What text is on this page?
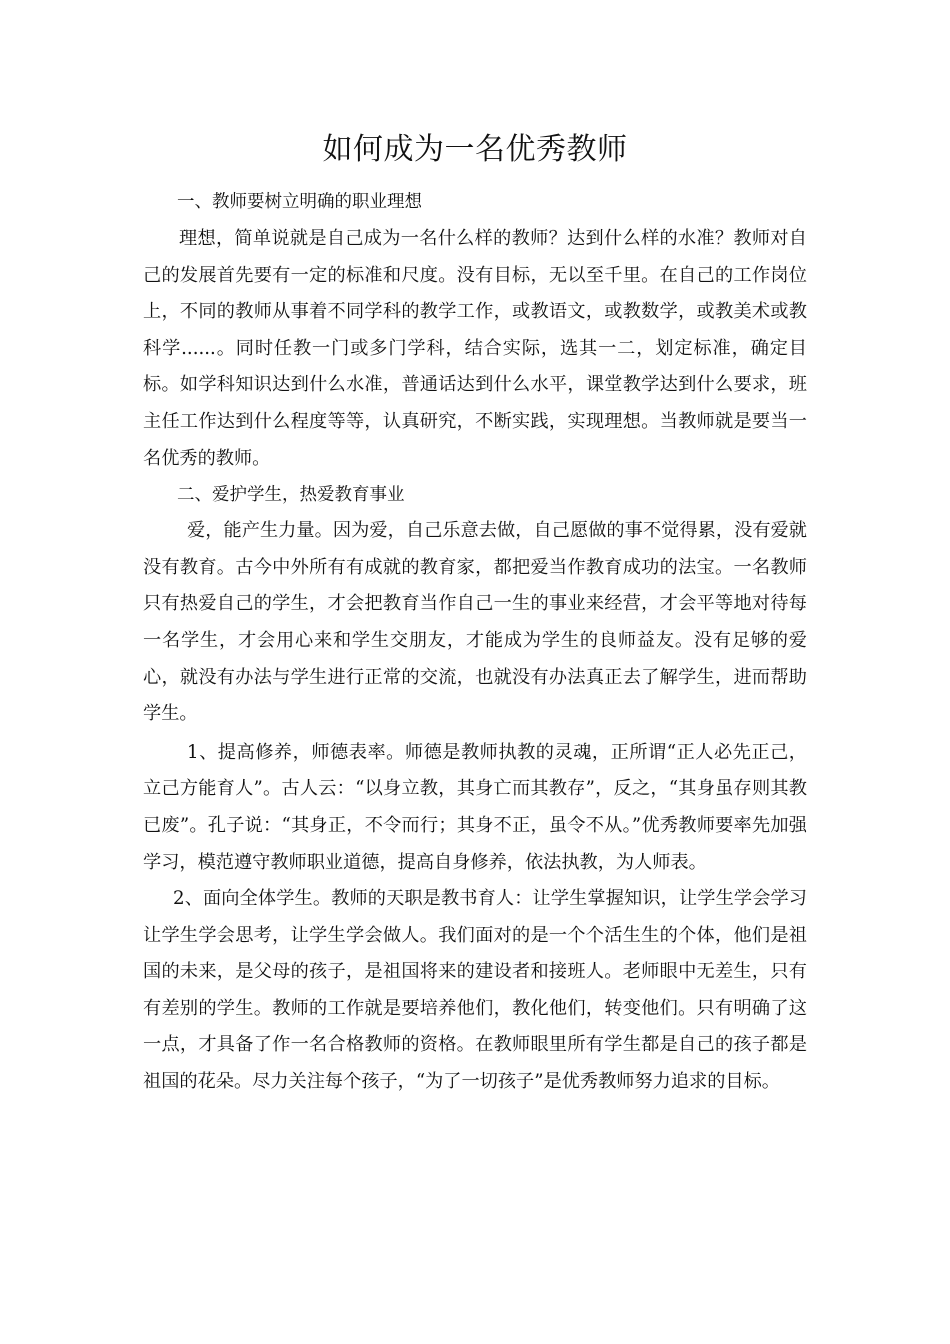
如何成为一名优秀教师

一、教师要树立明确的职业理想

理想，简单说就是自己成为一名什么样的教师？达到什么样的水准？教师对自己的发展首先要有一定的标准和尺度。没有目标，无以至千里。在自己的工作岗位上，不同的教师从事着不同学科的教学工作，或教语文，或教数学，或教美术或教科学......。同时任教一门或多门学科，结合实际，选其一二，划定标准，确定目标。如学科知识达到什么水准，普通话达到什么水平，课堂教学达到什么要求，班主任工作达到什么程度等等，认真研究，不断实践，实现理想。当教师就是要当一名优秀的教师。

二、爱护学生，热爱教育事业

爱，能产生力量。因为爱，自己乐意去做，自己愿做的事不觉得累，没有爱就没有教育。古今中外所有有成就的教育家，都把爱当作教育成功的法宝。一名教师只有热爱自己的学生，才会把教育当作自己一生的事业来经营，才会平等地对待每一名学生，才会用心来和学生交朋友，才能成为学生的良师益友。没有足够的爱心，就没有办法与学生进行正常的交流，也就没有办法真正去了解学生，进而帮助学生。

1、提高修养，师德表率。师德是教师执教的灵魂，正所谓“正人必先正己，立己方能育人”。古人云：“以身立教，其身亡而其教存”，反之，“其身虽存则其教已废”。孔子说：“其身正，不令而行；其身不正，虽令不从。”优秀教师要率先加强学习，模范遵守教师职业道德，提高自身修养，依法执教，为人师表。

2、面向全体学生。教师的天职是教书育人：让学生掌握知识，让学生学会学习让学生学会思考，让学生学会做人。我们面对的是一个个活生生的个体，他们是祖国的未来，是父母的孩子，是祖国将来的建设者和接班人。老师眼中无差生，只有有差别的学生。教师的工作就是要培养他们，教化他们，转变他们。只有明确了这一点，才具备了作一名合格教师的资格。在教师眼里所有学生都是自己的孩子都是祖国的花朵。尽力关注每个孩子，“为了一切孩子”是优秀教师努力追求的目标。
